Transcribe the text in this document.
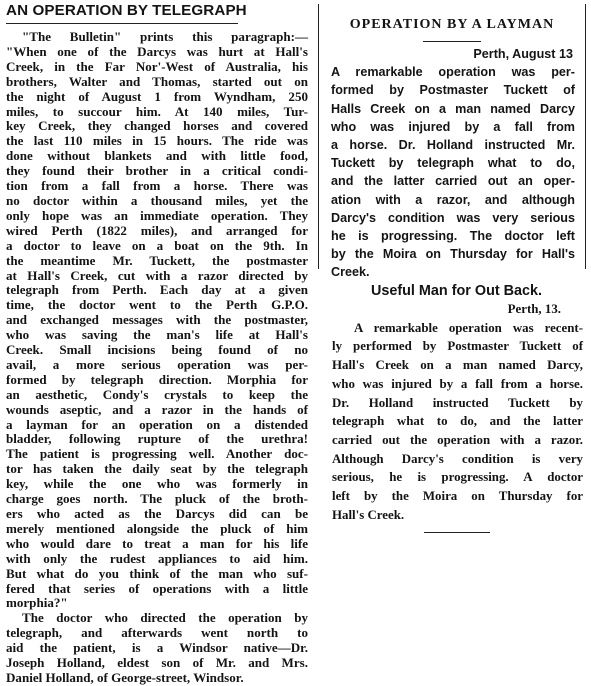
AN OPERATION BY TELEGRAPH

"The Bulletin" prints this paragraph:—
"When one of the Darcys was hurt at Hall's
Creek, in the Far Nor'-West of Australia, his
brothers, Walter and Thomas, started out on
the night of August 1 from Wyndham, 250
miles, to succour him. At 140 miles, Tur-
key Creek, they changed horses and covered
the last 110 miles in 15 hours. The ride was
done without blankets and with little food,
they found their brother in a critical condi-
tion from a fall from a horse. There was
no doctor within a thousand miles, yet the
only hope was an immediate operation. They
wired Perth (1822 miles), and arranged for
a doctor to leave on a boat on the 9th. In
the meantime Mr. Tuckett, the postmaster
at Hall's Creek, cut with a razor directed by
telegraph from Perth. Each day at a given
time, the doctor went to the Perth G.P.O.
and exchanged messages with the postmaster,
who was saving the man's life at Hall's
Creek. Small incisions being found of no
avail, a more serious operation was per-
formed by telegraph direction. Morphia for
an aesthetic, Condy's crystals to keep the
wounds aseptic, and a razor in the hands of
a layman for an operation on a distended
bladder, following rupture of the urethra!
The patient is progressing well. Another doc-
tor has taken the daily seat by the telegraph
key, while the one who was formerly in
charge goes north. The pluck of the broth-
ers who acted as the Darcys did can be
merely mentioned alongside the pluck of him
who would dare to treat a man for his life
with only the rudest appliances to aid him.
But what do you think of the man who suf-
fered that series of operations with a little
morphia?"

The doctor who directed the operation by
telegraph, and afterwards went north to
aid the patient, is a Windsor native—Dr.
Joseph Holland, eldest son of Mr. and Mrs.
Daniel Holland, of George-street, Windsor.

OPERATION BY A LAYMAN
Perth, August 13

A remarkable operation was per-
formed by Postmaster Tuckett of
Halls Creek on a man named Darcy
who was injured by a fall from
a horse. Dr. Holland instructed Mr.
Tuckett by telegraph what to do,
and the latter carried out an oper-
ation with a razor, and although
Darcy's condition was very serious
he is progressing. The doctor left
by the Moira on Thursday for Hall's
Creek.

Useful Man for Out Back.
Perth, 13.

A remarkable operation was recent-
ly performed by Postmaster Tuckett of
Hall's Creek on a man named Darcy,
who was injured by a fall from a horse.
Dr. Holland instructed Tuckett by
telegraph what to do, and the latter
carried out the operation with a razor.
Although Darcy's condition is very
serious, he is progressing. A doctor
left by the Moira on Thursday for
Hall's Creek.
